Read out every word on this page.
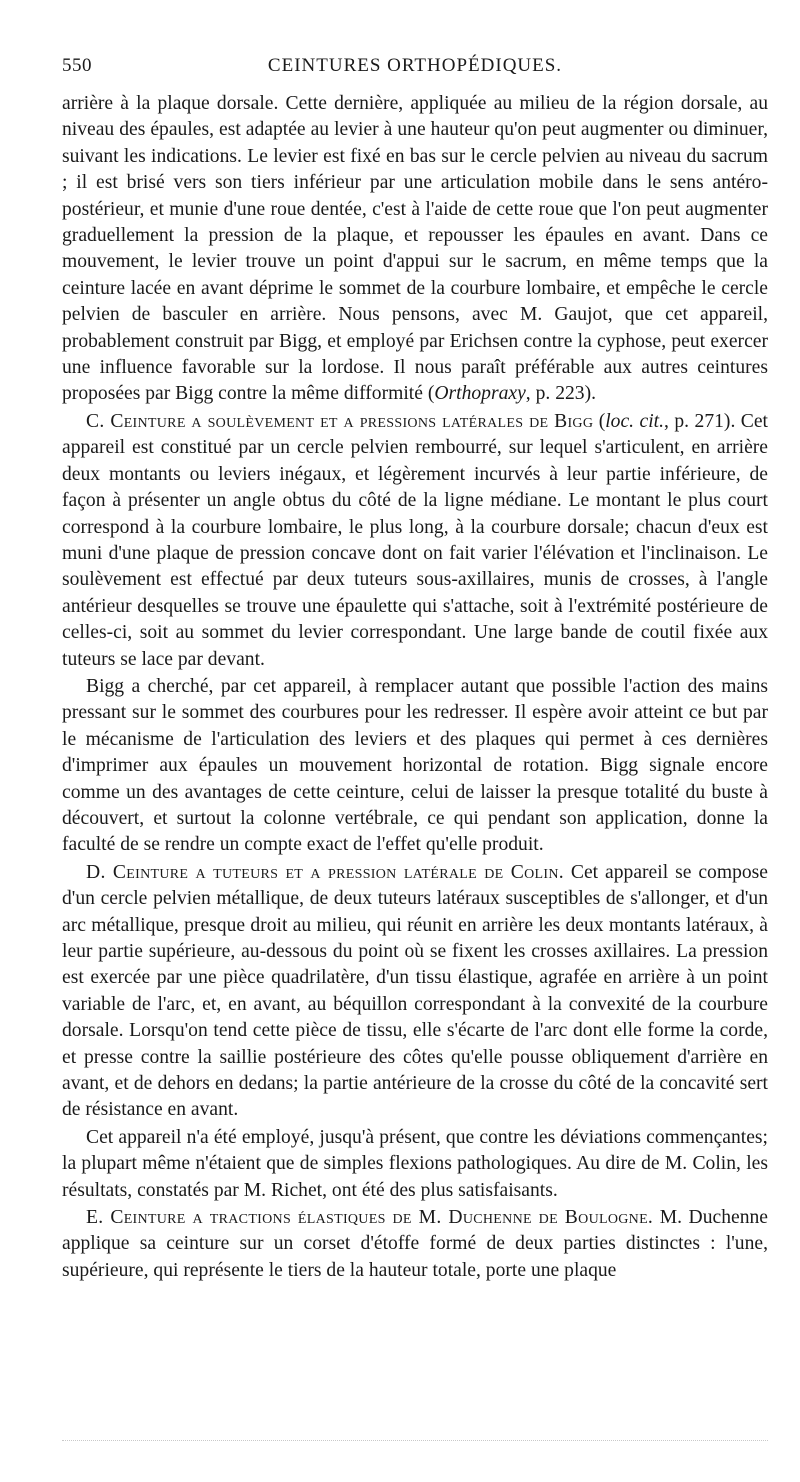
550	CEINTURES ORTHOPÉDIQUES.

arrière à la plaque dorsale. Cette dernière, appliquée au milieu de la région dorsale, au niveau des épaules, est adaptée au levier à une hauteur qu'on peut augmenter ou diminuer, suivant les indications. Le levier est fixé en bas sur le cercle pelvien au niveau du sacrum ; il est brisé vers son tiers inférieur par une articulation mobile dans le sens antéro-postérieur, et munie d'une roue dentée, c'est à l'aide de cette roue que l'on peut augmenter graduellement la pression de la plaque, et repousser les épaules en avant. Dans ce mouvement, le levier trouve un point d'appui sur le sacrum, en même temps que la ceinture lacée en avant déprime le sommet de la courbure lombaire, et empêche le cercle pelvien de basculer en arrière. Nous pensons, avec M. Gaujot, que cet appareil, probablement construit par Bigg, et employé par Erichsen contre la cyphose, peut exercer une influence favorable sur la lordose. Il nous paraît préférable aux autres ceintures proposées par Bigg contre la même difformité (Orthopraxy, p. 223).

C. Ceinture a soulèvement et a pressions latérales de Bigg (loc. cit., p. 271). Cet appareil est constitué par un cercle pelvien rembourré, sur lequel s'articulent, en arrière deux montants ou leviers inégaux, et légèrement incurvés à leur partie inférieure, de façon à présenter un angle obtus du côté de la ligne médiane. Le montant le plus court correspond à la courbure lombaire, le plus long, à la courbure dorsale; chacun d'eux est muni d'une plaque de pression concave dont on fait varier l'élévation et l'inclinaison. Le soulèvement est effectué par deux tuteurs sous-axillaires, munis de crosses, à l'angle antérieur desquelles se trouve une épaulette qui s'attache, soit à l'extrémité postérieure de celles-ci, soit au sommet du levier correspondant. Une large bande de coutil fixée aux tuteurs se lace par devant.

Bigg a cherché, par cet appareil, à remplacer autant que possible l'action des mains pressant sur le sommet des courbures pour les redresser. Il espère avoir atteint ce but par le mécanisme de l'articulation des leviers et des plaques qui permet à ces dernières d'imprimer aux épaules un mouvement horizontal de rotation. Bigg signale encore comme un des avantages de cette ceinture, celui de laisser la presque totalité du buste à découvert, et surtout la colonne vertébrale, ce qui pendant son application, donne la faculté de se rendre un compte exact de l'effet qu'elle produit.

D. Ceinture a tuteurs et a pression latérale de Colin. Cet appareil se compose d'un cercle pelvien métallique, de deux tuteurs latéraux susceptibles de s'allonger, et d'un arc métallique, presque droit au milieu, qui réunit en arrière les deux montants latéraux, à leur partie supérieure, au-dessous du point où se fixent les crosses axillaires. La pression est exercée par une pièce quadrilatère, d'un tissu élastique, agrafée en arrière à un point variable de l'arc, et, en avant, au béquillon correspondant à la convexité de la courbure dorsale. Lorsqu'on tend cette pièce de tissu, elle s'écarte de l'arc dont elle forme la corde, et presse contre la saillie postérieure des côtes qu'elle pousse obliquement d'arrière en avant, et de dehors en dedans; la partie antérieure de la crosse du côté de la concavité sert de résistance en avant.

Cet appareil n'a été employé, jusqu'à présent, que contre les déviations commençantes; la plupart même n'étaient que de simples flexions pathologiques. Au dire de M. Colin, les résultats, constatés par M. Richet, ont été des plus satisfaisants.

E. Ceinture a tractions élastiques de M. Duchenne de Boulogne. M. Duchenne applique sa ceinture sur un corset d'étoffe formé de deux parties distinctes : l'une, supérieure, qui représente le tiers de la hauteur totale, porte une plaque
